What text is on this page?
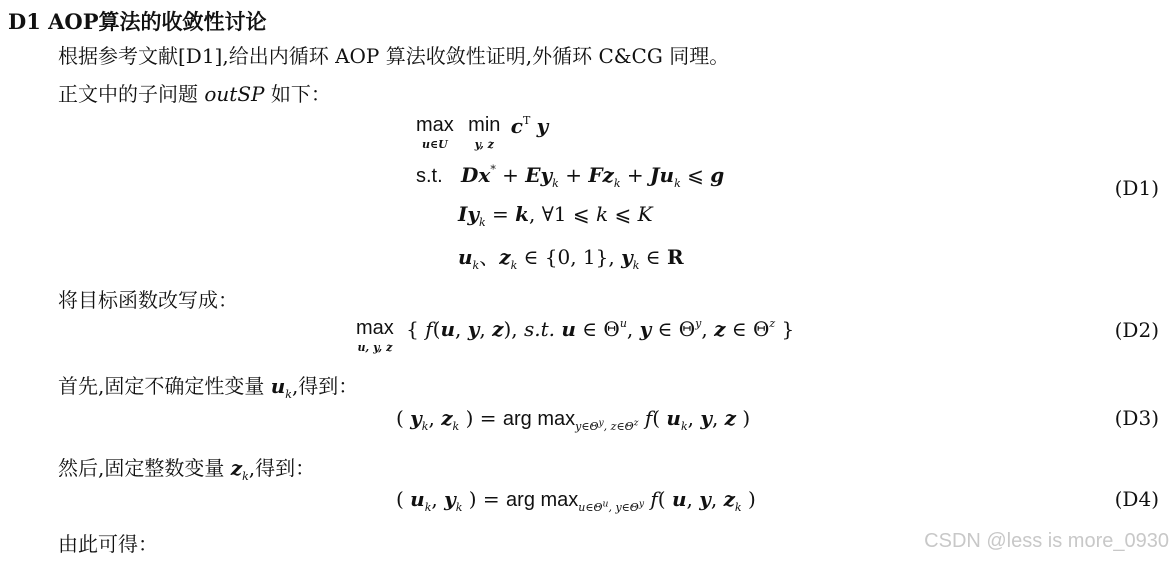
D1 AOP算法的收敛性讨论
根据参考文献[D1],给出内循环 AOP 算法收敛性证明,外循环 C&CG 同理。
正文中的子问题 outSP 如下：
max
u∈U
min
y, z
$c^T$ y
s.t. $Dx^* + Ey_k + Fz_k + Ju_k$ ⩽ g
$Iy_k = k$, ∀1 ⩽ k ⩽ K
$u_k$、$z_k$ ∈ {0, 1}, $y_k$ ∈ R
(D1)
将目标函数改写成：
max
u, y, z
{ f(u, y, z), s.t. u ∈ $\Theta^u$, y ∈ $\Theta^y$, z ∈ $\Theta^z$ }	(D2)
首先,固定不确定性变量 $u_k$,得到：
( $y_k$, $z_k$ ) = arg $\max_{y\in\Theta^y, z\in\Theta^z} f$( $u_k$, y, z )	(D3)
然后,固定整数变量 $z_k$,得到：
( $u_k$, $y_k$ ) = arg $\max_{u\in\Theta^u, y\in\Theta^y} f$( u, y, $z_k$ )	(D4)
由此可得：	CSDN @less is more_0930
